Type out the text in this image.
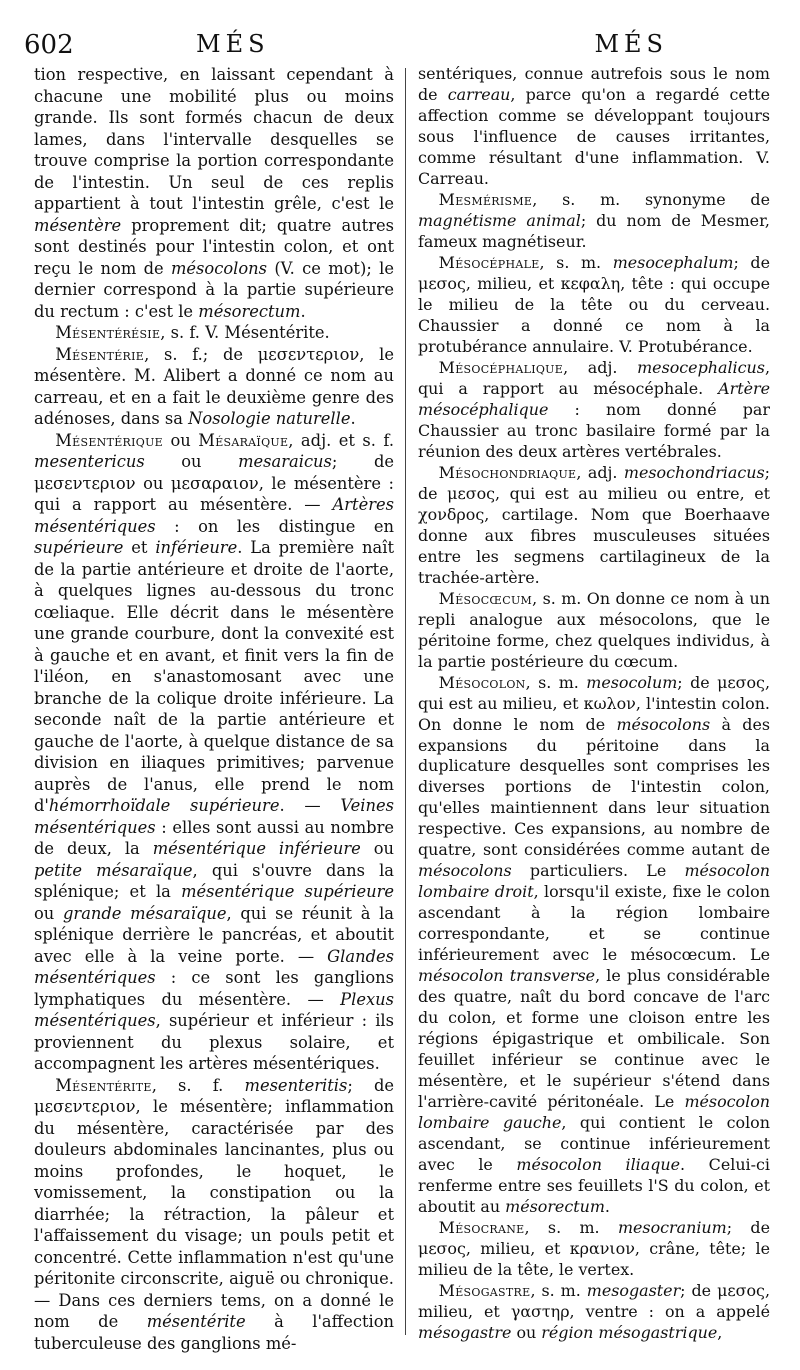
602	MÉS	MÉS

tion respective, en laissant cependant à chacune une mobilité plus ou moins grande. Ils sont formés chacun de deux lames, dans l'intervalle desquelles se trouve comprise la portion correspondante de l'intestin. Un seul de ces replis appartient à tout l'intestin grêle, c'est le mésentère proprement dit; quatre autres sont destinés pour l'intestin colon, et ont reçu le nom de mésocolons (V. ce mot); le dernier correspond à la partie supérieure du rectum : c'est le mésorectum.

Mésentérésie, s. f. V. Mésentérite.

Mésentérie, s. f.; de μεσεντεριον, le mésentère. M. Alibert a donné ce nom au carreau, et en a fait le deuxième genre des adénoses, dans sa Nosologie naturelle.

Mésentérique ou Mésaraïque, adj. et s. f. mesentericus ou mesaraicus; de μεσεντεριον ou μεσαραιον, le mésentère : qui a rapport au mésentère. — Artères mésentériques : on les distingue en supérieure et inférieure. La première naît de la partie antérieure et droite de l'aorte, à quelques lignes au-dessous du tronc cœliaque. Elle décrit dans le mésentère une grande courbure, dont la convexité est à gauche et en avant, et finit vers la fin de l'iléon, en s'anastomosant avec une branche de la colique droite inférieure. La seconde naît de la partie antérieure et gauche de l'aorte, à quelque distance de sa division en iliaques primitives; parvenue auprès de l'anus, elle prend le nom d'hémorrhoïdale supérieure. — Veines mésentériques : elles sont aussi au nombre de deux, la mésentérique inférieure ou petite mésaraïque, qui s'ouvre dans la splénique; et la mésentérique supérieure ou grande mésaraïque, qui se réunit à la splénique derrière le pancréas, et aboutit avec elle à la veine porte. — Glandes mésentériques : ce sont les ganglions lymphatiques du mésentère. — Plexus mésentériques, supérieur et inférieur : ils proviennent du plexus solaire, et accompagnent les artères mésentériques.

Mésentérite, s. f. mesenteritis; de μεσεντεριον, le mésentère; inflammation du mésentère, caractérisée par des douleurs abdominales lancinantes, plus ou moins profondes, le hoquet, le vomissement, la constipation ou la diarrhée; la rétraction, la pâleur et l'affaissement du visage; un pouls petit et concentré. Cette inflammation n'est qu'une péritonite circonscrite, aiguë ou chronique. — Dans ces derniers tems, on a donné le nom de mésentérite à l'affection tuberculeuse des ganglions mé-

sentériques, connue autrefois sous le nom de carreau, parce qu'on a regardé cette affection comme se développant toujours sous l'influence de causes irritantes, comme résultant d'une inflammation. V. Carreau.

Mesmérisme, s. m. synonyme de magnétisme animal; du nom de Mesmer, fameux magnétiseur.

Mésocéphale, s. m. mesocephalum; de μεσος, milieu, et κεφαλη, tête : qui occupe le milieu de la tête ou du cerveau. Chaussier a donné ce nom à la protubérance annulaire. V. Protubérance.

Mésocéphalique, adj. mesocephalicus, qui a rapport au mésocéphale. Artère mésocéphalique : nom donné par Chaussier au tronc basilaire formé par la réunion des deux artères vertébrales.

Mésochondriaque, adj. mesochondriacus; de μεσος, qui est au milieu ou entre, et χονδρος, cartilage. Nom que Boerhaave donne aux fibres musculeuses situées entre les segmens cartilagineux de la trachée-artère.

Mésocœcum, s. m. On donne ce nom à un repli analogue aux mésocolons, que le péritoine forme, chez quelques individus, à la partie postérieure du cœcum.

Mésocolon, s. m. mesocolum; de μεσος, qui est au milieu, et κωλον, l'intestin colon. On donne le nom de mésocolons à des expansions du péritoine dans la duplicature desquelles sont comprises les diverses portions de l'intestin colon, qu'elles maintiennent dans leur situation respective. Ces expansions, au nombre de quatre, sont considérées comme autant de mésocolons particuliers. Le mésocolon lombaire droit, lorsqu'il existe, fixe le colon ascendant à la région lombaire correspondante, et se continue inférieurement avec le mésocœcum. Le mésocolon transverse, le plus considérable des quatre, naît du bord concave de l'arc du colon, et forme une cloison entre les régions épigastrique et ombilicale. Son feuillet inférieur se continue avec le mésentère, et le supérieur s'étend dans l'arrière-cavité péritonéale. Le mésocolon lombaire gauche, qui contient le colon ascendant, se continue inférieurement avec le mésocolon iliaque. Celui-ci renferme entre ses feuillets l'S du colon, et aboutit au mésorectum.

Mésocrane, s. m. mesocranium; de μεσος, milieu, et κρανιον, crâne, tête; le milieu de la tête, le vertex.

Mésogastre, s. m. mesogaster; de μεσος, milieu, et γαστηρ, ventre : on a appelé mésogastre ou région mésogastrique,
